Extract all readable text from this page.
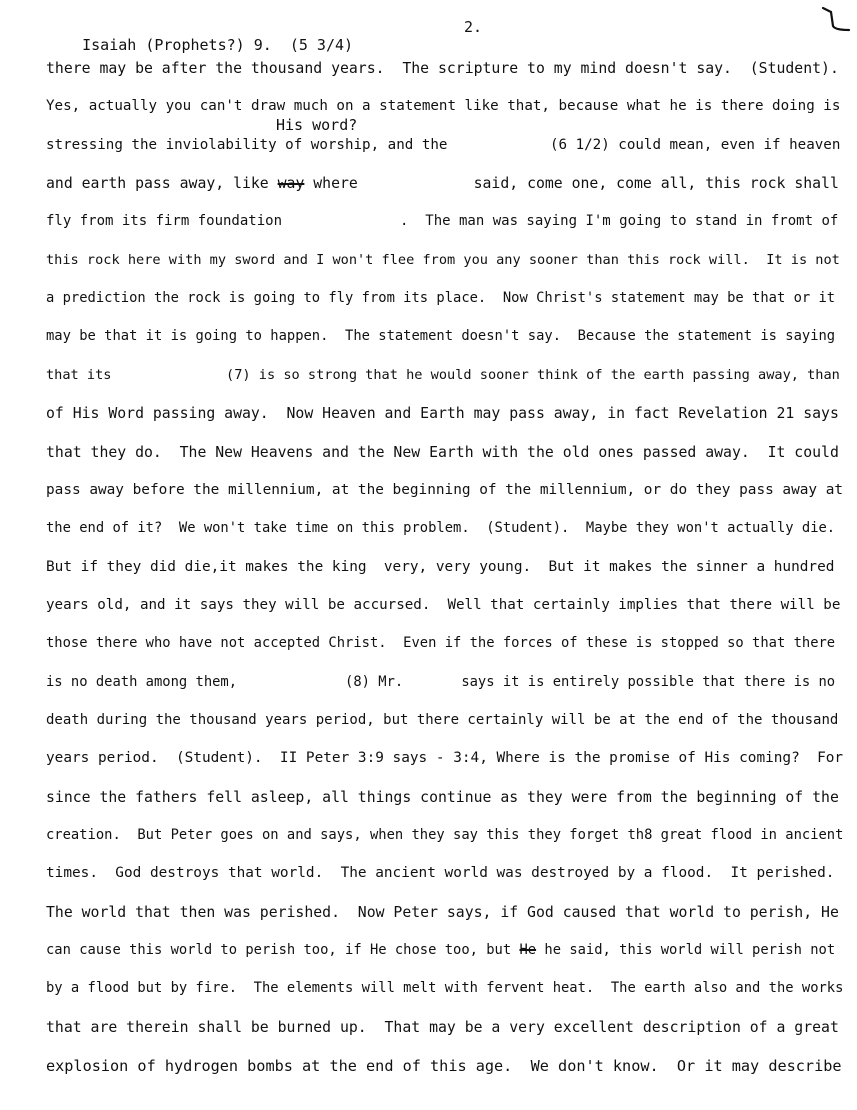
Isaiah (Prophets?) 9.  (5 3/4)

2.

His word?
there may be after the thousand years.  The scripture to my mind doesn't say.  (Student).
Yes, actually you can't draw much on a statement like that, because what he is there doing is
stressing the inviolability of worship, and the            (6 1/2) could mean, even if heaven
and earth pass away, like way where             said, come one, come all, this rock shall
fly from its firm foundation              .  The man was saying I'm going to stand in fromt of
this rock here with my sword and I won't flee from you any sooner than this rock will.  It is not
a prediction the rock is going to fly from its place.  Now Christ's statement may be that or it
may be that it is going to happen.  The statement doesn't say.  Because the statement is saying
that its              (7) is so strong that he would sooner think of the earth passing away, than
of His Word passing away.  Now Heaven and Earth may pass away, in fact Revelation 21 says
that they do.  The New Heavens and the New Earth with the old ones passed away.  It could
pass away before the millennium, at the beginning of the millennium, or do they pass away at
the end of it?  We won't take time on this problem.  (Student).  Maybe they won't actually die.
But if they did die,it makes the king  very, very young.  But it makes the sinner a hundred
years old, and it says they will be accursed.  Well that certainly implies that there will be
those there who have not accepted Christ.  Even if the forces of these is stopped so that there
is no death among them,             (8) Mr.       says it is entirely possible that there is no
death during the thousand years period, but there certainly will be at the end of the thousand
years period.  (Student).  II Peter 3:9 says - 3:4, Where is the promise of His coming?  For
since the fathers fell asleep, all things continue as they were from the beginning of the
creation.  But Peter goes on and says, when they say this they forget th8 great flood in ancient
times.  God destroys that world.  The ancient world was destroyed by a flood.  It perished.
The world that then was perished.  Now Peter says, if God caused that world to perish, He
can cause this world to perish too, if He chose too, but He he said, this world will perish not
by a flood but by fire.  The elements will melt with fervent heat.  The earth also and the works
that are therein shall be burned up.  That may be a very excellent description of a great
explosion of hydrogen bombs at the end of this age.  We don't know.  Or it may describe
